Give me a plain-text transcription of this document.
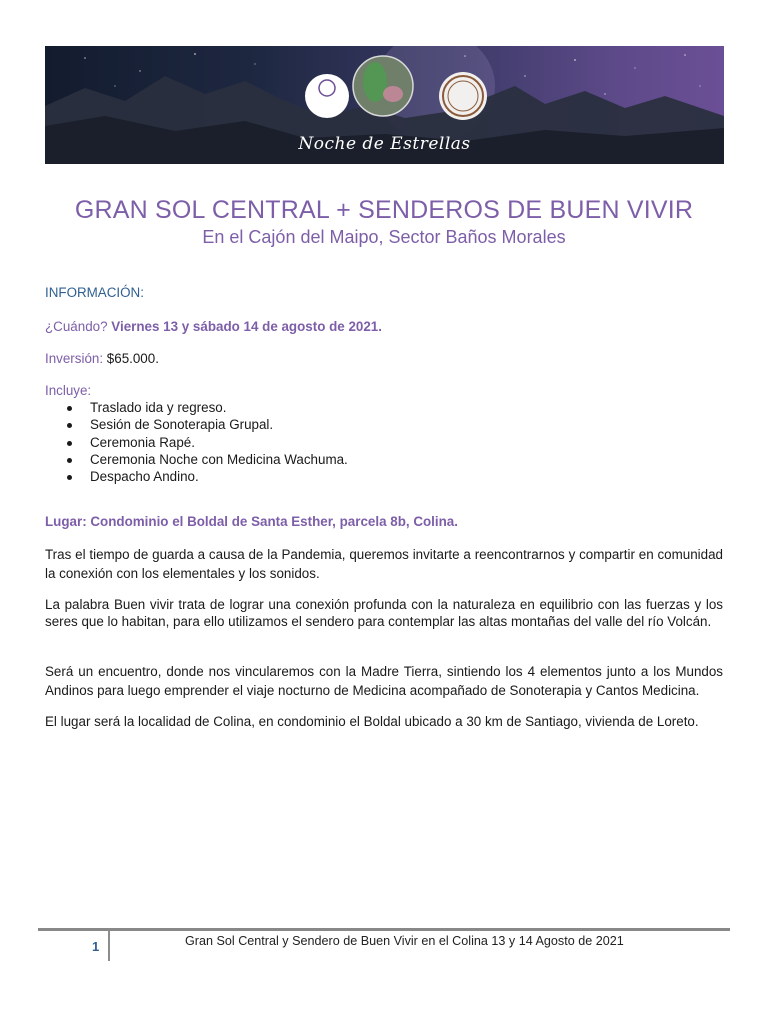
Noche de Estrellas
GRAN SOL CENTRAL + SENDEROS DE BUEN VIVIR
En el Cajón del Maipo, Sector Baños Morales
INFORMACIÓN:
¿Cuándo? Viernes 13 y sábado 14 de agosto de 2021.
Inversión: $65.000.
Incluye:
Traslado ida y regreso.
Sesión de Sonoterapia Grupal.
Ceremonia Rapé.
Ceremonia Noche con Medicina Wachuma.
Despacho Andino.
Lugar: Condominio el Boldal de Santa Esther, parcela 8b, Colina.
Tras el tiempo de guarda a causa de la Pandemia, queremos invitarte a reencontrarnos y compartir en comunidad la conexión con los elementales y los sonidos.
La palabra Buen vivir trata de lograr una conexión profunda con la naturaleza en equilibrio con las fuerzas y los seres que lo habitan, para ello utilizamos el sendero para contemplar las altas montañas del valle del río Volcán.
Será un encuentro, donde nos vincularemos con la Madre Tierra, sintiendo los 4 elementos junto a los Mundos Andinos para luego emprender el viaje nocturno de Medicina acompañado de Sonoterapia y Cantos Medicina.
El lugar será la localidad de Colina, en condominio el Boldal ubicado a 30 km de Santiago, vivienda de Loreto.
1	Gran Sol Central y Sendero de Buen Vivir en el Colina 13 y 14 Agosto de 2021
